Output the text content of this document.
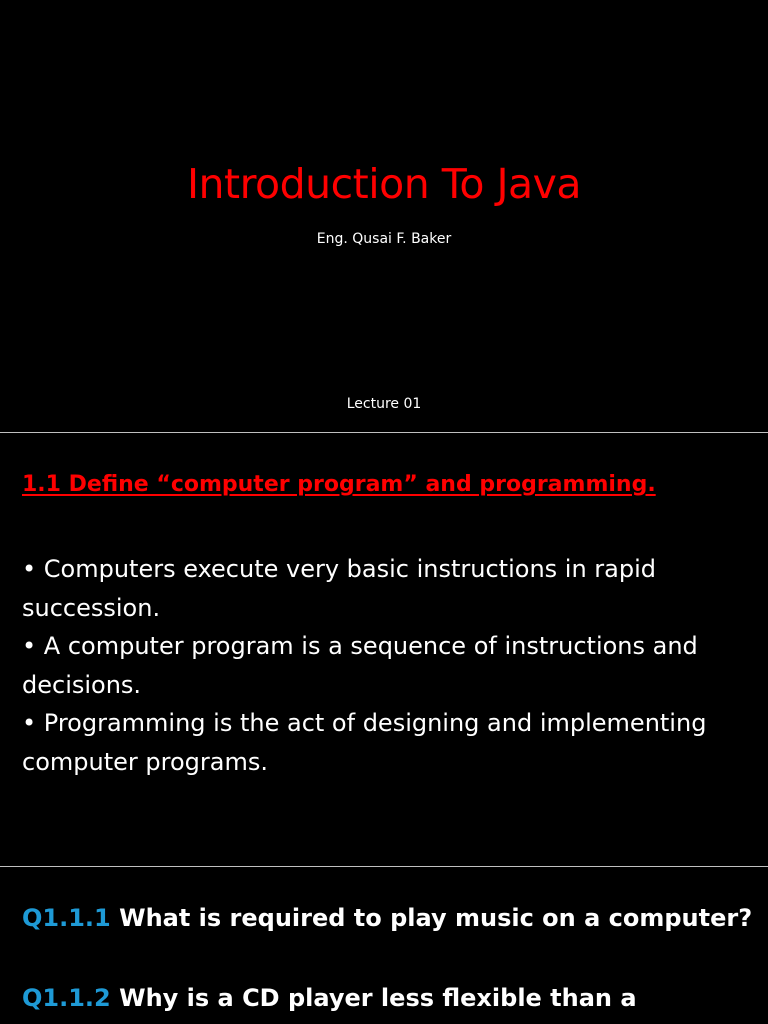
Introduction To Java
Eng. Qusai F. Baker
Lecture 01
1.1 Define “computer program” and programming.
• Computers execute very basic instructions in rapid succession.
• A computer program is a sequence of instructions and decisions.
• Programming is the act of designing and implementing computer programs.
Q1.1.1 What is required to play music on a computer?
Q1.1.2 Why is a CD player less flexible than a
